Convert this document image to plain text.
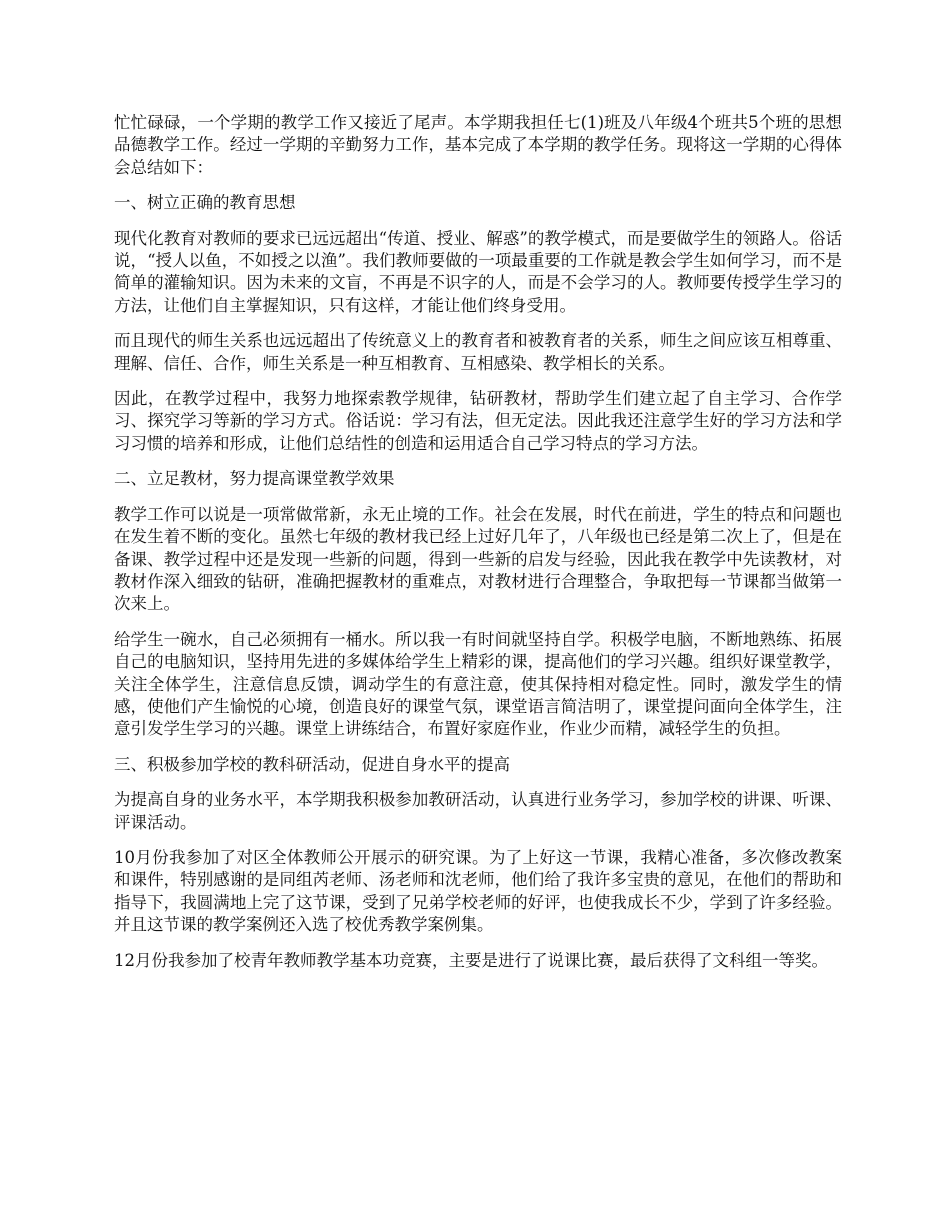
忙忙碌碌，一个学期的教学工作又接近了尾声。本学期我担任七(1)班及八年级4个班共5个班的思想品德教学工作。经过一学期的辛勤努力工作，基本完成了本学期的教学任务。现将这一学期的心得体会总结如下：

一、树立正确的教育思想

现代化教育对教师的要求已远远超出“传道、授业、解惑”的教学模式，而是要做学生的领路人。俗话说，“授人以鱼，不如授之以渔”。我们教师要做的一项最重要的工作就是教会学生如何学习，而不是简单的灌输知识。因为未来的文盲，不再是不识字的人，而是不会学习的人。教师要传授学生学习的方法，让他们自主掌握知识，只有这样，才能让他们终身受用。

而且现代的师生关系也远远超出了传统意义上的教育者和被教育者的关系，师生之间应该互相尊重、理解、信任、合作，师生关系是一种互相教育、互相感染、教学相长的关系。

因此，在教学过程中，我努力地探索教学规律，钻研教材，帮助学生们建立起了自主学习、合作学习、探究学习等新的学习方式。俗话说：学习有法，但无定法。因此我还注意学生好的学习方法和学习习惯的培养和形成，让他们总结性的创造和运用适合自己学习特点的学习方法。

二、立足教材，努力提高课堂教学效果

教学工作可以说是一项常做常新，永无止境的工作。社会在发展，时代在前进，学生的特点和问题也在发生着不断的变化。虽然七年级的教材我已经上过好几年了，八年级也已经是第二次上了，但是在备课、教学过程中还是发现一些新的问题，得到一些新的启发与经验，因此我在教学中先读教材，对教材作深入细致的钻研，准确把握教材的重难点，对教材进行合理整合，争取把每一节课都当做第一次来上。

给学生一碗水，自己必须拥有一桶水。所以我一有时间就坚持自学。积极学电脑，不断地熟练、拓展自己的电脑知识，坚持用先进的多媒体给学生上精彩的课，提高他们的学习兴趣。组织好课堂教学，关注全体学生，注意信息反馈，调动学生的有意注意，使其保持相对稳定性。同时，激发学生的情感，使他们产生愉悦的心境，创造良好的课堂气氛，课堂语言简洁明了，课堂提问面向全体学生，注意引发学生学习的兴趣。课堂上讲练结合，布置好家庭作业，作业少而精，减轻学生的负担。

三、积极参加学校的教科研活动，促进自身水平的提高

为提高自身的业务水平，本学期我积极参加教研活动，认真进行业务学习，参加学校的讲课、听课、评课活动。

10月份我参加了对区全体教师公开展示的研究课。为了上好这一节课，我精心准备，多次修改教案和课件，特别感谢的是同组芮老师、汤老师和沈老师，他们给了我许多宝贵的意见，在他们的帮助和指导下，我圆满地上完了这节课，受到了兄弟学校老师的好评，也使我成长不少，学到了许多经验。并且这节课的教学案例还入选了校优秀教学案例集。

12月份我参加了校青年教师教学基本功竞赛，主要是进行了说课比赛，最后获得了文科组一等奖。
